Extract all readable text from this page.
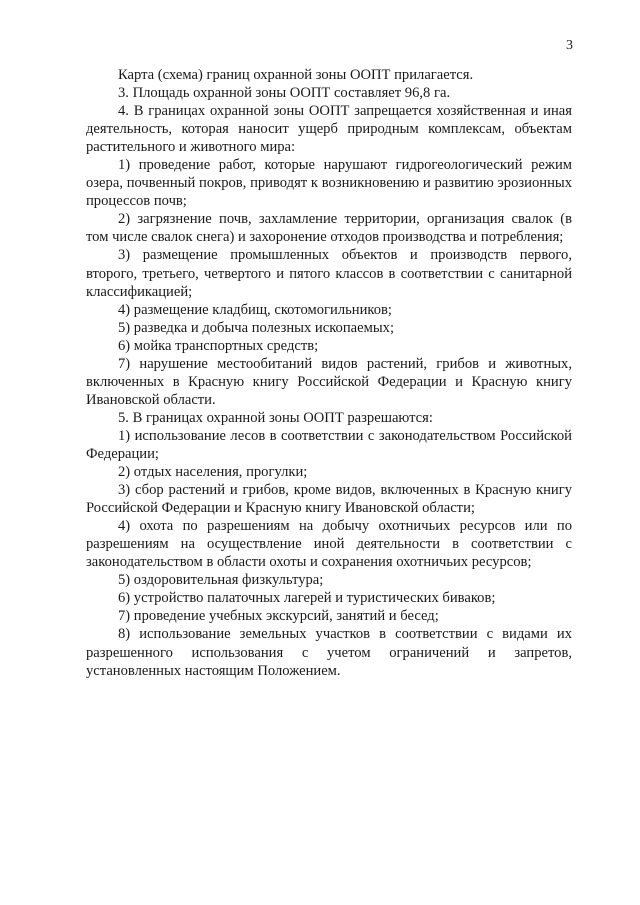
3

Карта (схема) границ охранной зоны ООПТ прилагается.

3. Площадь охранной зоны ООПТ составляет 96,8 га.

4. В границах охранной зоны ООПТ запрещается хозяйственная и иная деятельность, которая наносит ущерб природным комплексам, объектам растительного и животного мира:

1) проведение работ, которые нарушают гидрогеологический режим озера, почвенный покров, приводят к возникновению и развитию эрозионных процессов почв;

2) загрязнение почв, захламление территории, организация свалок (в том числе свалок снега) и захоронение отходов производства и потребления;

3) размещение промышленных объектов и производств первого, второго, третьего, четвертого и пятого классов в соответствии с санитарной классификацией;

4) размещение кладбищ, скотомогильников;

5) разведка и добыча полезных ископаемых;

6) мойка транспортных средств;

7) нарушение местообитаний видов растений, грибов и животных, включенных в Красную книгу Российской Федерации и Красную книгу Ивановской области.

5. В границах охранной зоны ООПТ разрешаются:

1) использование лесов в соответствии с законодательством Российской Федерации;

2) отдых населения, прогулки;

3) сбор растений и грибов, кроме видов, включенных в Красную книгу Российской Федерации и Красную книгу Ивановской области;

4) охота по разрешениям на добычу охотничьих ресурсов или по разрешениям на осуществление иной деятельности в соответствии с законодательством в области охоты и сохранения охотничьих ресурсов;

5) оздоровительная физкультура;

6) устройство палаточных лагерей и туристических биваков;

7) проведение учебных экскурсий, занятий и бесед;

8) использование земельных участков в соответствии с видами их разрешенного использования с учетом ограничений и запретов, установленных настоящим Положением.
